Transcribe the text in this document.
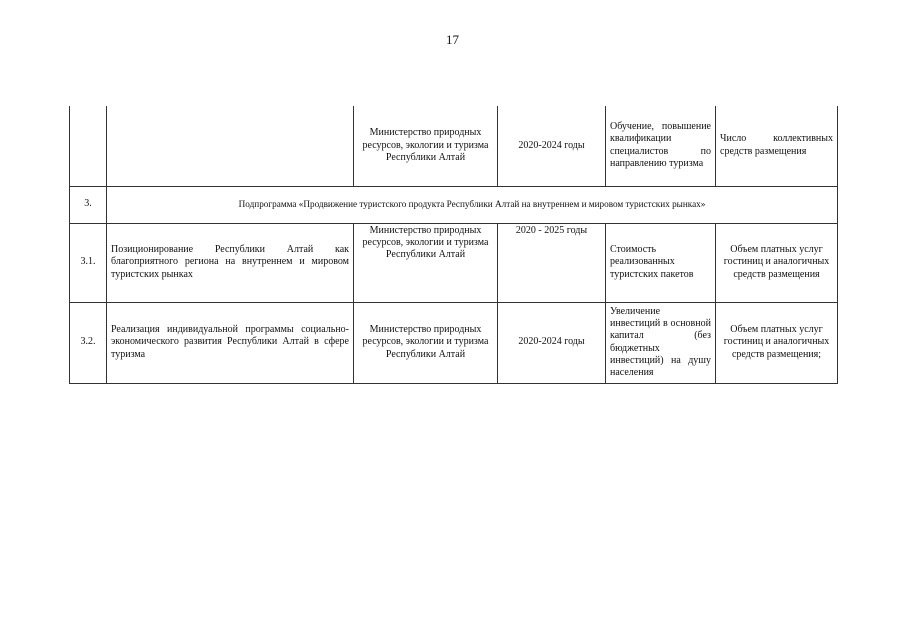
17
		Министерство природных ресурсов, экологии и туризма Республики Алтай	2020-2024 годы	Обучение, повышение квалификации специалистов по направлению туризма	Число коллективных средств размещения
3.	Подпрограмма «Продвижение туристского продукта Республики Алтай на внутреннем и мировом туристских рынках»				
3.1.	Позиционирование Республики Алтай как благоприятного региона на внутреннем и мировом туристских рынках	Министерство природных ресурсов, экологии и туризма Республики Алтай	2020 - 2025 годы	Стоимость реализованных туристских пакетов	Объем платных услуг гостиниц и аналогичных средств размещения
3.2.	Реализация индивидуальной программы социально-экономического развития Республики Алтай в сфере туризма	Министерство природных ресурсов, экологии и туризма Республики Алтай	2020-2024 годы	Увеличение инвестиций в основной капитал (без бюджетных инвестиций) на душу населения	Объем платных услуг гостиниц и аналогичных средств размещения;
